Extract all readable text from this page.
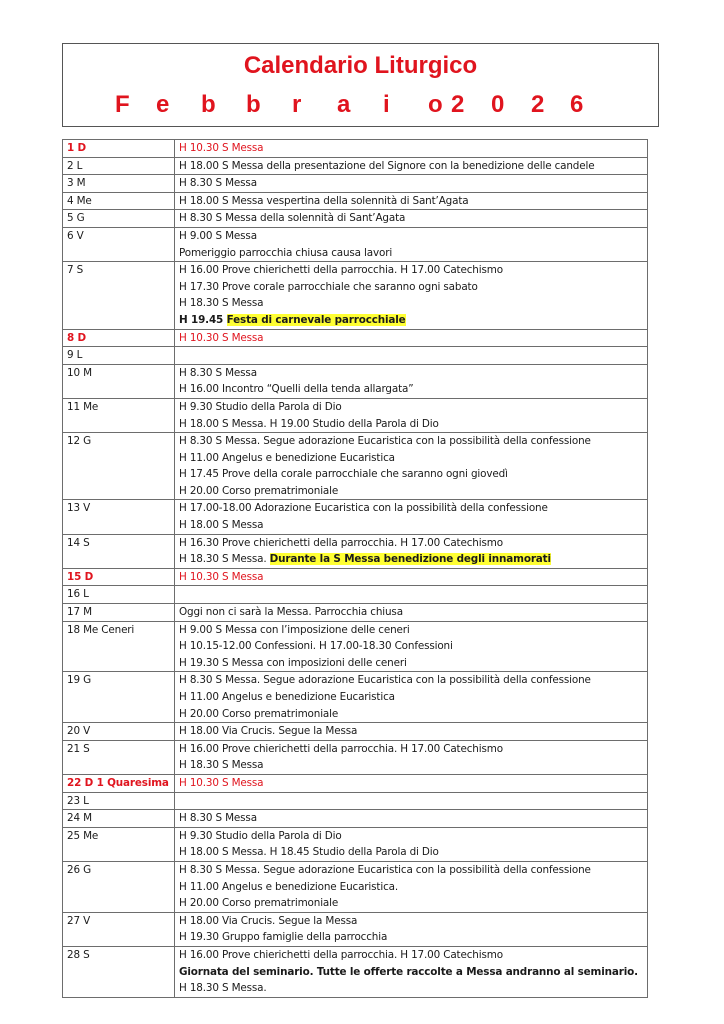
Calendario Liturgico
F e b b r a i o 2 0 2 6
1 D	H 10.30 S Messa

2 L	H 18.00 S Messa della presentazione del Signore con la benedizione delle candele

3 M	H 8.30 S Messa

4 Me	H 18.00 S Messa vespertina della solennità di Sant’Agata

5 G	H 8.30 S Messa della solennità di Sant’Agata

6 V	H 9.00 S Messa
Pomeriggio parrocchia chiusa causa lavori

7 S	H 16.00 Prove chierichetti della parrocchia. H 17.00 Catechismo
H 17.30 Prove corale parrocchiale che saranno ogni sabato
H 18.30 S Messa
H 19.45 Festa di carnevale parrocchiale

8 D	H 10.30 S Messa

9 L	

10 M	H 8.30 S Messa
H 16.00 Incontro “Quelli della tenda allargata”

11 Me	H 9.30 Studio della Parola di Dio
H 18.00 S Messa. H 19.00 Studio della Parola di Dio

12 G	H 8.30 S Messa. Segue adorazione Eucaristica con la possibilità della confessione
H 11.00 Angelus e benedizione Eucaristica
H 17.45 Prove della corale parrocchiale che saranno ogni giovedì
H 20.00 Corso prematrimoniale

13 V	H 17.00-18.00 Adorazione Eucaristica con la possibilità della confessione
H 18.00 S Messa

14 S	H 16.30 Prove chierichetti della parrocchia. H 17.00 Catechismo
H 18.30 S Messa. Durante la S Messa benedizione degli innamorati

15 D	H 10.30 S Messa

16 L	

17 M	Oggi non ci sarà la Messa. Parrocchia chiusa

18 Me Ceneri	H 9.00 S Messa con l’imposizione delle ceneri
H 10.15-12.00 Confessioni. H 17.00-18.30 Confessioni
H 19.30 S Messa con imposizioni delle ceneri

19 G	H 8.30 S Messa. Segue adorazione Eucaristica con la possibilità della confessione
H 11.00 Angelus e benedizione Eucaristica
H 20.00 Corso prematrimoniale

20 V	H 18.00 Via Crucis. Segue la Messa

21 S	H 16.00 Prove chierichetti della parrocchia. H 17.00 Catechismo
H 18.30 S Messa

22 D 1 Quaresima	H 10.30 S Messa

23 L	

24 M	H 8.30 S Messa

25 Me	H 9.30 Studio della Parola di Dio
H 18.00 S Messa. H 18.45 Studio della Parola di Dio

26 G	H 8.30 S Messa. Segue adorazione Eucaristica con la possibilità della confessione
H 11.00 Angelus e benedizione Eucaristica.
H 20.00 Corso prematrimoniale

27 V	H 18.00 Via Crucis. Segue la Messa
H 19.30 Gruppo famiglie della parrocchia

28 S	H 16.00 Prove chierichetti della parrocchia. H 17.00 Catechismo
Giornata del seminario. Tutte le offerte raccolte a Messa andranno al seminario.
H 18.30 S Messa.
